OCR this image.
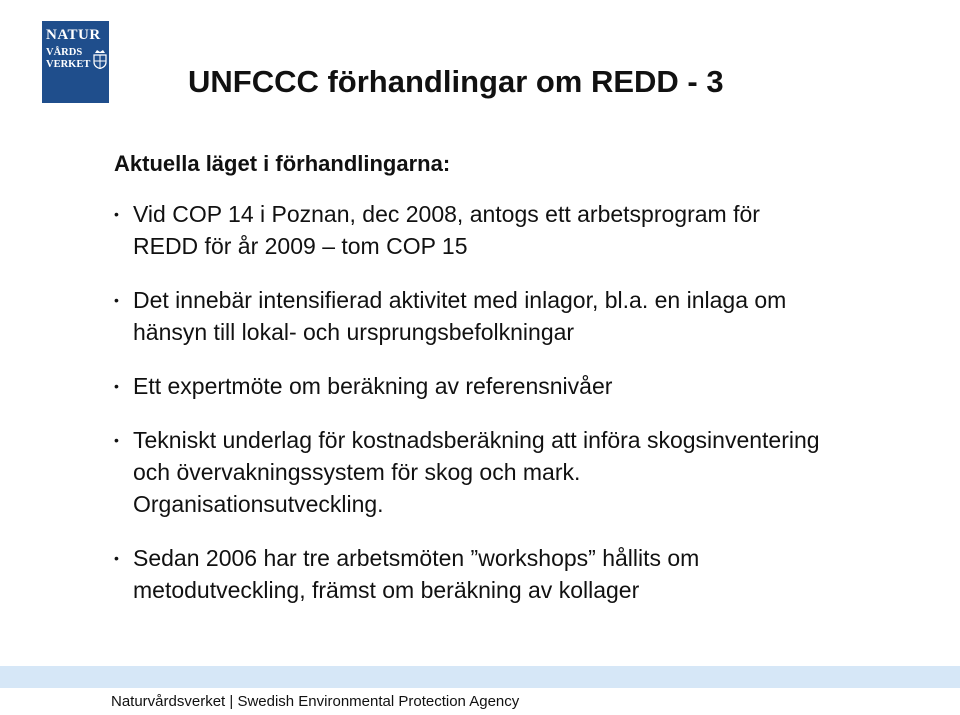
NATUR
VÅRDS
VERKET	UNFCCC förhandlingar om REDD - 3
Aktuella läget i förhandlingarna:
• Vid COP 14 i Poznan, dec 2008, antogs ett arbetsprogram för REDD för år 2009 – tom COP 15
• Det innebär intensifierad aktivitet med inlagor, bl.a. en inlaga om hänsyn till lokal- och ursprungsbefolkningar
• Ett expertmöte om beräkning av referensnivåer
• Tekniskt underlag för kostnadsberäkning att införa skogsinventering och övervakningssystem för skog och mark. Organisationsutveckling.
• Sedan 2006 har tre arbetsmöten ”workshops” hållits om metodutveckling, främst om beräkning av kollager

Naturvårdsverket | Swedish Environmental Protection Agency
